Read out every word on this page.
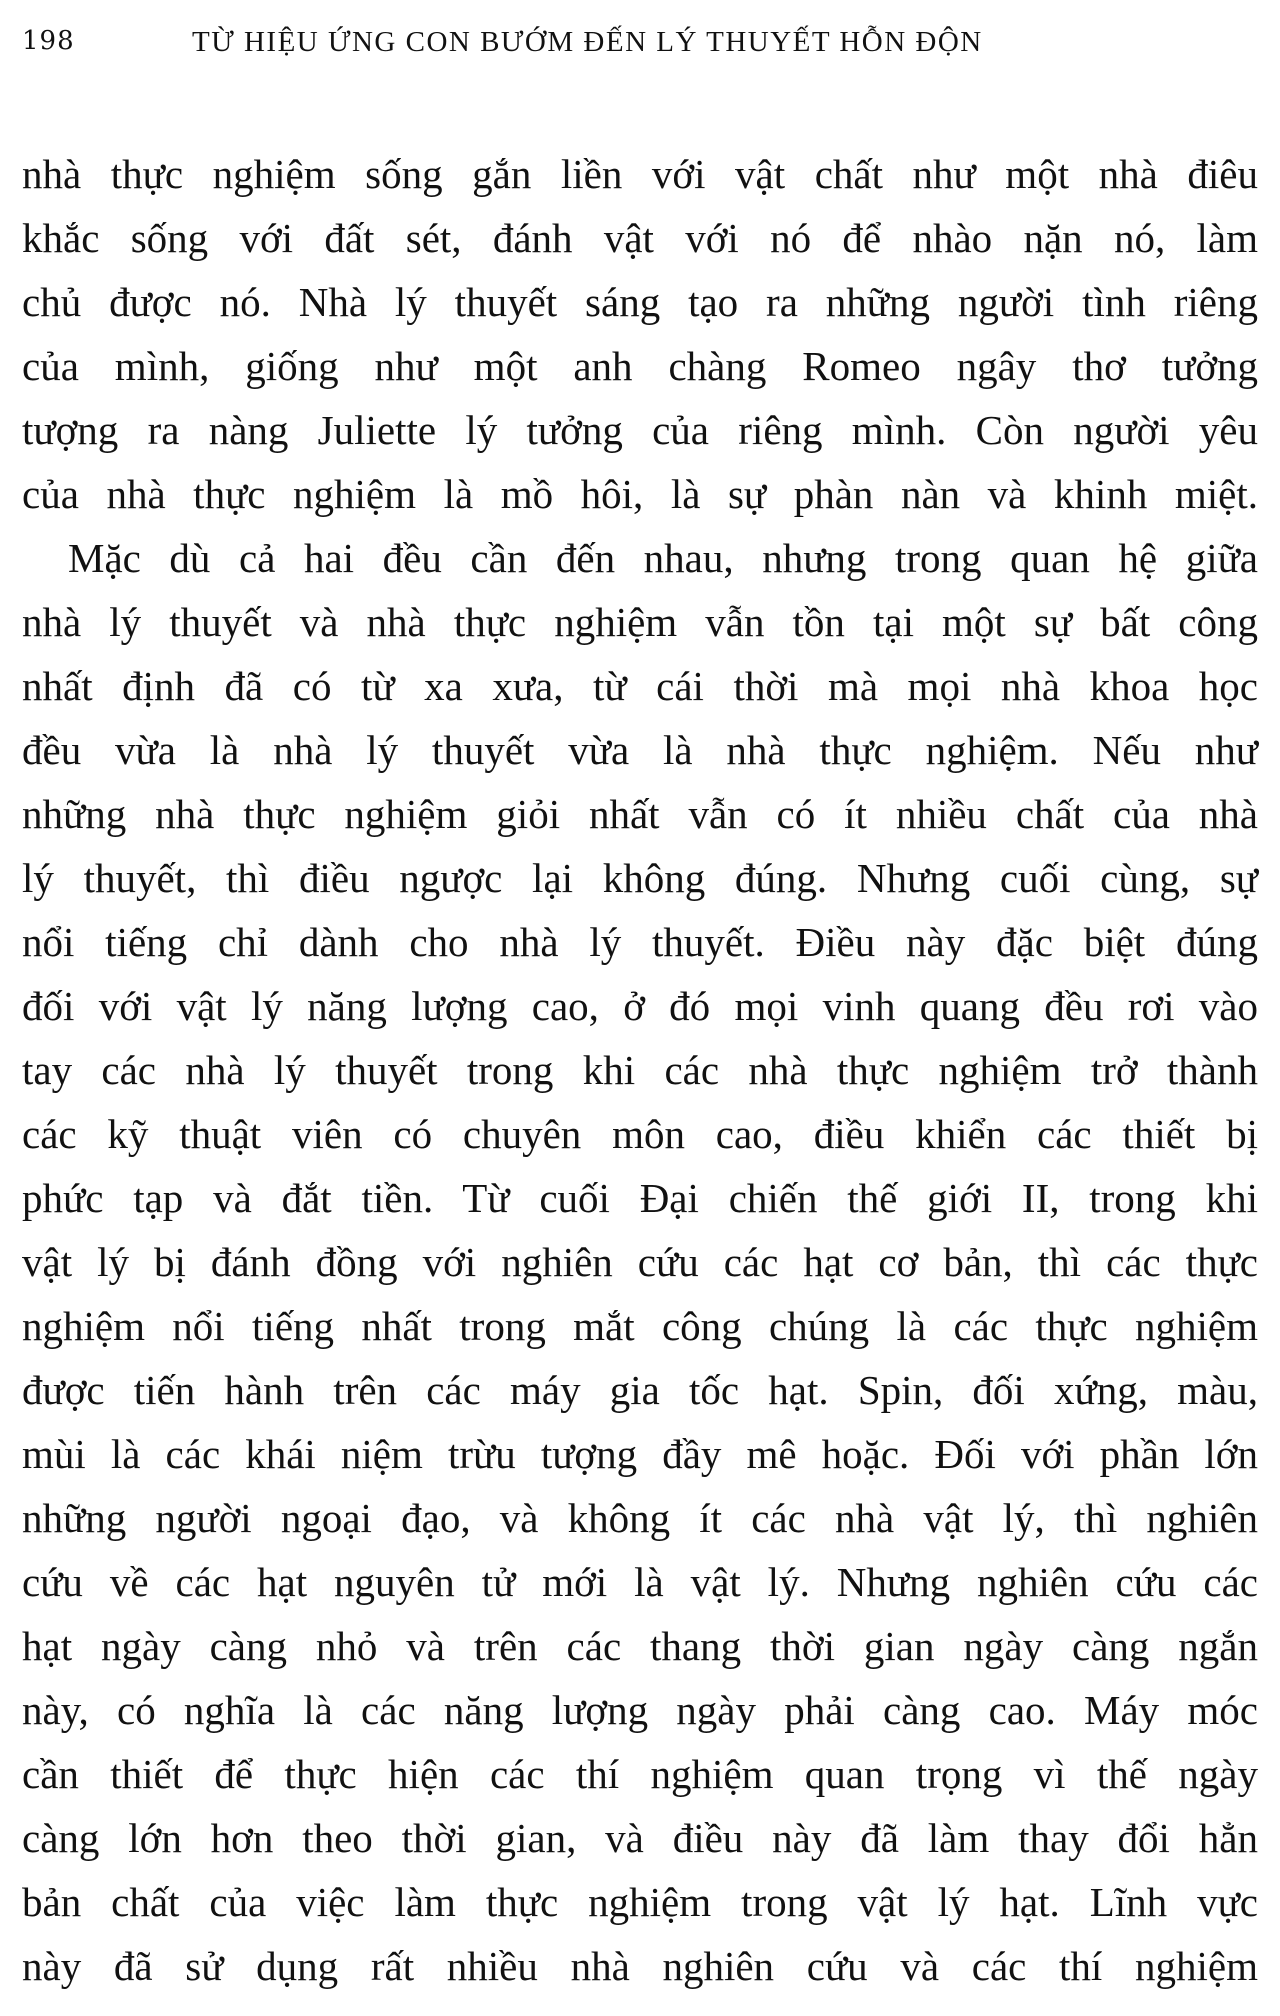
198	TỪ HIỆU ỨNG CON BƯỚM ĐẾN LÝ THUYẾT HỖN ĐỘN
nhà thực nghiệm sống gắn liền với vật chất như một nhà điêu
khắc sống với đất sét, đánh vật với nó để nhào nặn nó, làm
chủ được nó. Nhà lý thuyết sáng tạo ra những người tình riêng
của mình, giống như một anh chàng Romeo ngây thơ tưởng
tượng ra nàng Juliette lý tưởng của riêng mình. Còn người yêu
của nhà thực nghiệm là mồ hôi, là sự phàn nàn và khinh miệt.
Mặc dù cả hai đều cần đến nhau, nhưng trong quan hệ giữa
nhà lý thuyết và nhà thực nghiệm vẫn tồn tại một sự bất công
nhất định đã có từ xa xưa, từ cái thời mà mọi nhà khoa học
đều vừa là nhà lý thuyết vừa là nhà thực nghiệm. Nếu như
những nhà thực nghiệm giỏi nhất vẫn có ít nhiều chất của nhà
lý thuyết, thì điều ngược lại không đúng. Nhưng cuối cùng, sự
nổi tiếng chỉ dành cho nhà lý thuyết. Điều này đặc biệt đúng
đối với vật lý năng lượng cao, ở đó mọi vinh quang đều rơi vào
tay các nhà lý thuyết trong khi các nhà thực nghiệm trở thành
các kỹ thuật viên có chuyên môn cao, điều khiển các thiết bị
phức tạp và đắt tiền. Từ cuối Đại chiến thế giới II, trong khi
vật lý bị đánh đồng với nghiên cứu các hạt cơ bản, thì các thực
nghiệm nổi tiếng nhất trong mắt công chúng là các thực nghiệm
được tiến hành trên các máy gia tốc hạt. Spin, đối xứng, màu,
mùi là các khái niệm trừu tượng đầy mê hoặc. Đối với phần lớn
những người ngoại đạo, và không ít các nhà vật lý, thì nghiên
cứu về các hạt nguyên tử mới là vật lý. Nhưng nghiên cứu các
hạt ngày càng nhỏ và trên các thang thời gian ngày càng ngắn
này, có nghĩa là các năng lượng ngày phải càng cao. Máy móc
cần thiết để thực hiện các thí nghiệm quan trọng vì thế ngày
càng lớn hơn theo thời gian, và điều này đã làm thay đổi hẳn
bản chất của việc làm thực nghiệm trong vật lý hạt. Lĩnh vực
này đã sử dụng rất nhiều nhà nghiên cứu và các thí nghiệm
